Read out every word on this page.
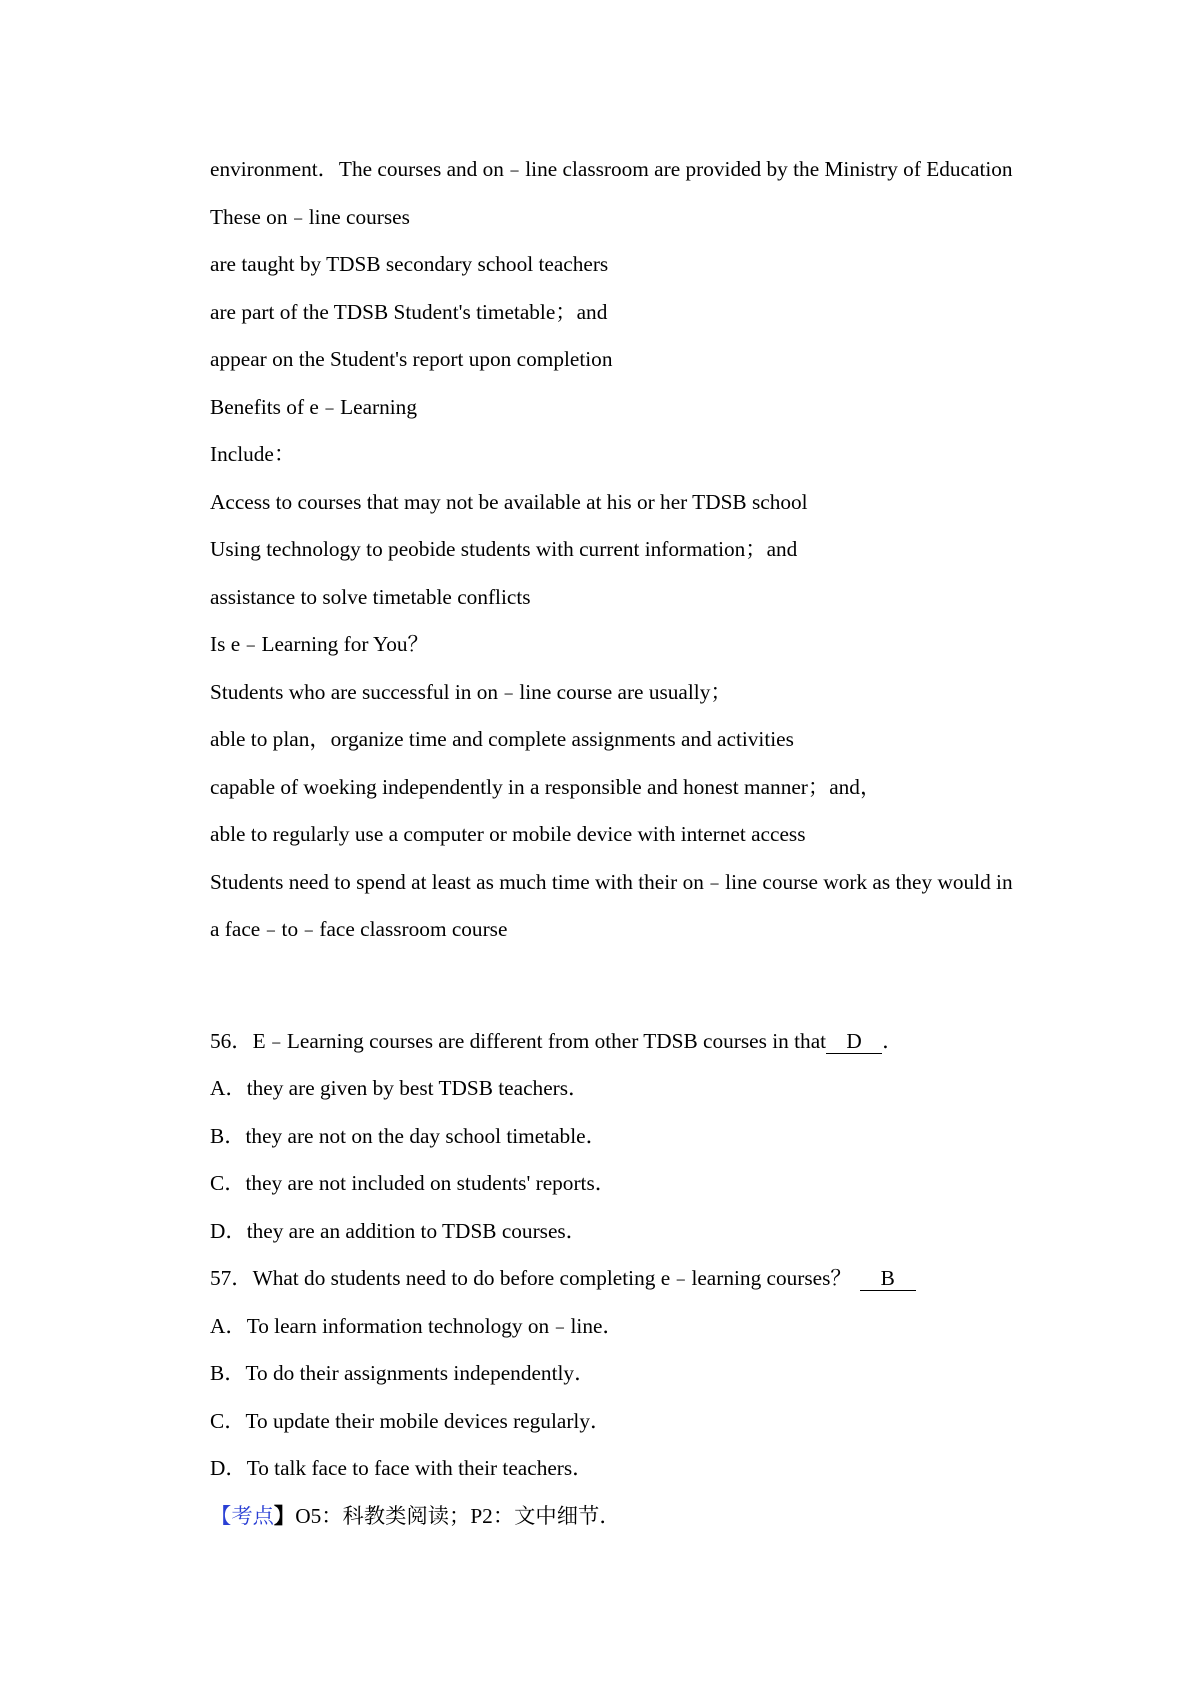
environment．The courses and on﹣line classroom are provided by the Ministry of Education

These on﹣line courses

are taught by TDSB secondary school teachers

are part of the TDSB Student's timetable；and

appear on the Student's report upon completion

Benefits of e﹣Learning

Include：

Access to courses that may not be available at his or her TDSB school

Using technology to peobide students with current information；and

assistance to solve timetable conflicts

Is e﹣Learning for You？

Students who are successful in on﹣line course are usually；

able to plan，organize time and complete assignments and activities

capable of woeking independently in a responsible and honest manner；and，

able to regularly use a computer or mobile device with internet access

Students need to spend at least as much time with their on﹣line course work as they would in

a face﹣to﹣face classroom course

56．E﹣Learning courses are different from other TDSB courses in that D ．

A．they are given by best TDSB teachers．

B．they are not on the day school timetable．

C．they are not included on students' reports．

D．they are an addition to TDSB courses．

57．What do students need to do before completing e﹣learning courses？ B

A．To learn information technology on﹣line．

B．To do their assignments independently．

C．To update their mobile devices regularly．

D．To talk face to face with their teachers．

【考点】O5：科教类阅读；P2：文中细节．
